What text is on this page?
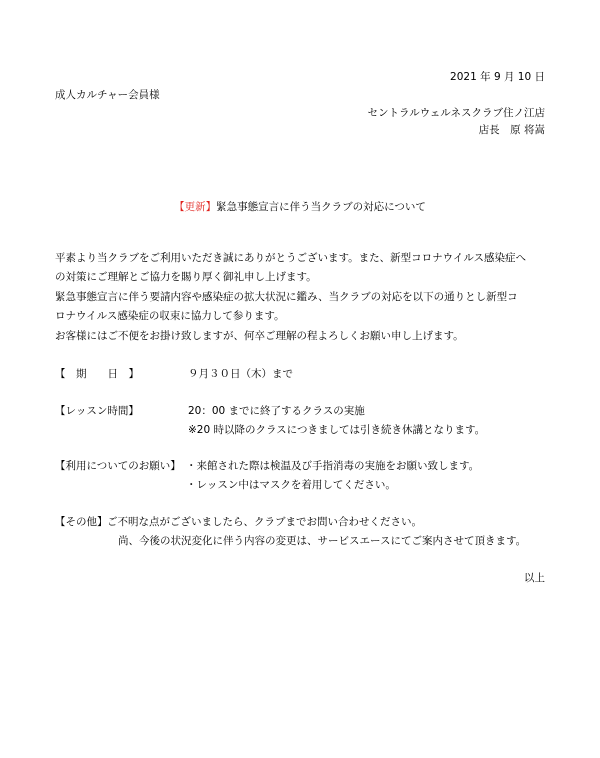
2021 年 9 月 10 日
成人カルチャー会員様
セントラルウェルネスクラブ住ノ江店
店長　原 将嵩
【更新】緊急事態宣言に伴う当クラブの対応について
平素より当クラブをご利用いただき誠にありがとうございます。また、新型コロナウイルス感染症へ
の対策にご理解とご協力を賜り厚く御礼申し上げます。
緊急事態宣言に伴う要請内容や感染症の拡大状況に鑑み、当クラブの対応を以下の通りとし新型コ
ロナウイルス感染症の収束に協力して参ります。
お客様にはご不便をお掛け致しますが、何卒ご理解の程よろしくお願い申し上げます。
【　期　　日　】	９月３０日（木）まで
【レッスン時間】	20：00 までに終了するクラスの実施
※20 時以降のクラスにつきましては引き続き休講となります。
【利用についてのお願い】 ・来館された際は検温及び手指消毒の実施をお願い致します。
・レッスン中はマスクを着用してください。
【その他】 ご不明な点がございましたら、クラブまでお問い合わせください。
尚、今後の状況変化に伴う内容の変更は、サービスエースにてご案内させて頂きます。
以上
